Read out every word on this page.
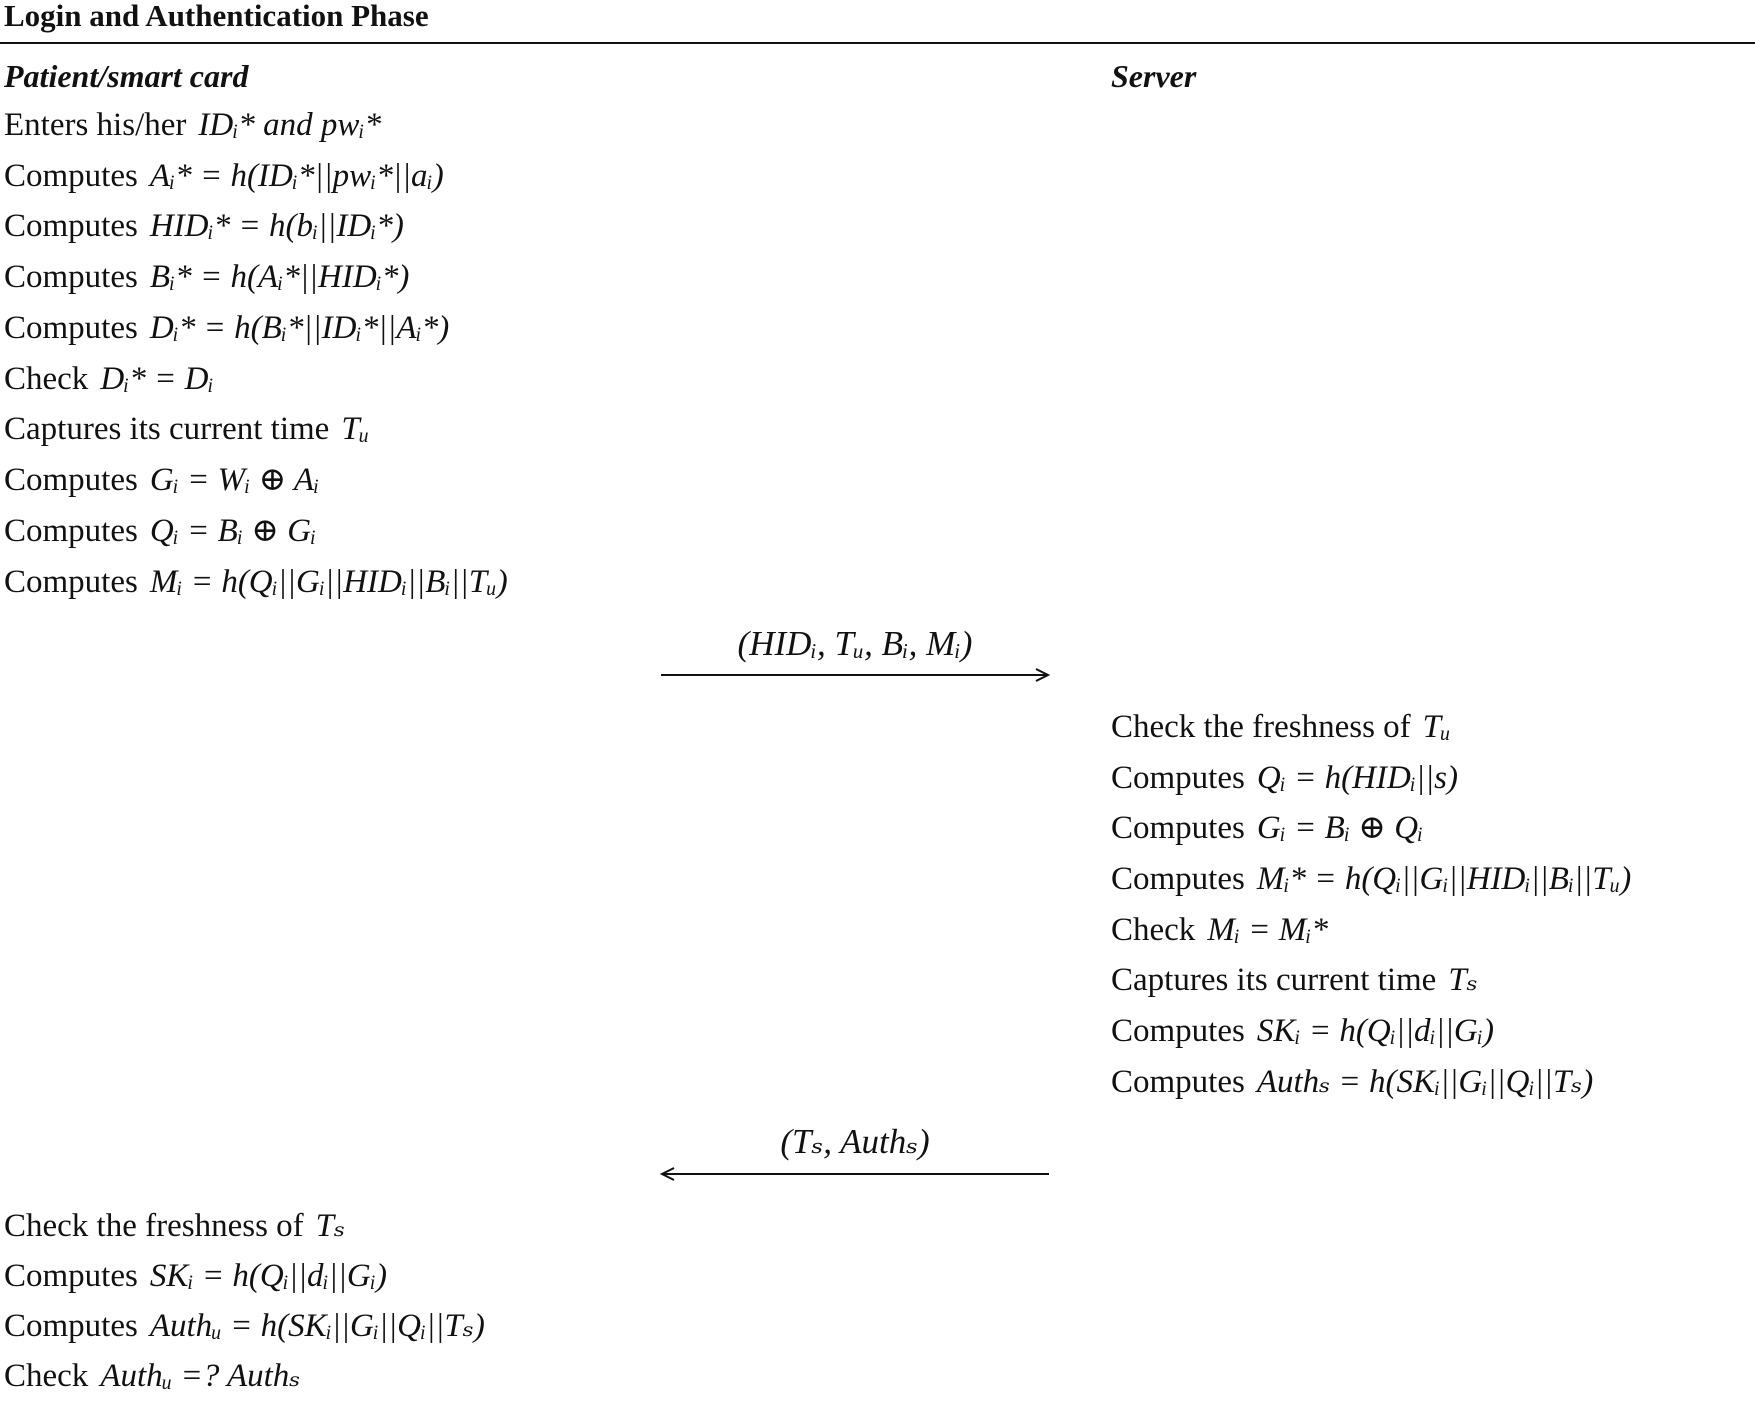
Login and Authentication Phase
Patient/smart card	Server
Enters his/her IDᵢ* and pwᵢ*
Computes Aᵢ* = h(IDᵢ*||pwᵢ*||aᵢ)
Computes HIDᵢ* = h(bᵢ||IDᵢ*)
Computes Bᵢ* = h(Aᵢ*||HIDᵢ*)
Computes Dᵢ* = h(Bᵢ*||IDᵢ*||Aᵢ*)
Check Dᵢ* = Dᵢ
Captures its current time Tᵤ
Computes Gᵢ = Wᵢ ⊕ Aᵢ
Computes Qᵢ = Bᵢ ⊕ Gᵢ
Computes Mᵢ = h(Qᵢ||Gᵢ||HIDᵢ||Bᵢ||Tᵤ)
(HIDᵢ, Tᵤ, Bᵢ, Mᵢ)
Check the freshness of Tᵤ
Computes Qᵢ = h(HIDᵢ||s)
Computes Gᵢ = Bᵢ ⊕ Qᵢ
Computes Mᵢ* = h(Qᵢ||Gᵢ||HIDᵢ||Bᵢ||Tᵤ)
Check Mᵢ = Mᵢ*
Captures its current time Tₛ
Computes SKᵢ = h(Qᵢ||dᵢ||Gᵢ)
Computes Authₛ = h(SKᵢ||Gᵢ||Qᵢ||Tₛ)
(Tₛ, Authₛ)
Check the freshness of Tₛ
Computes SKᵢ = h(Qᵢ||dᵢ||Gᵢ)
Computes Authᵤ = h(SKᵢ||Gᵢ||Qᵢ||Tₛ)
Check Authᵤ =? Authₛ
